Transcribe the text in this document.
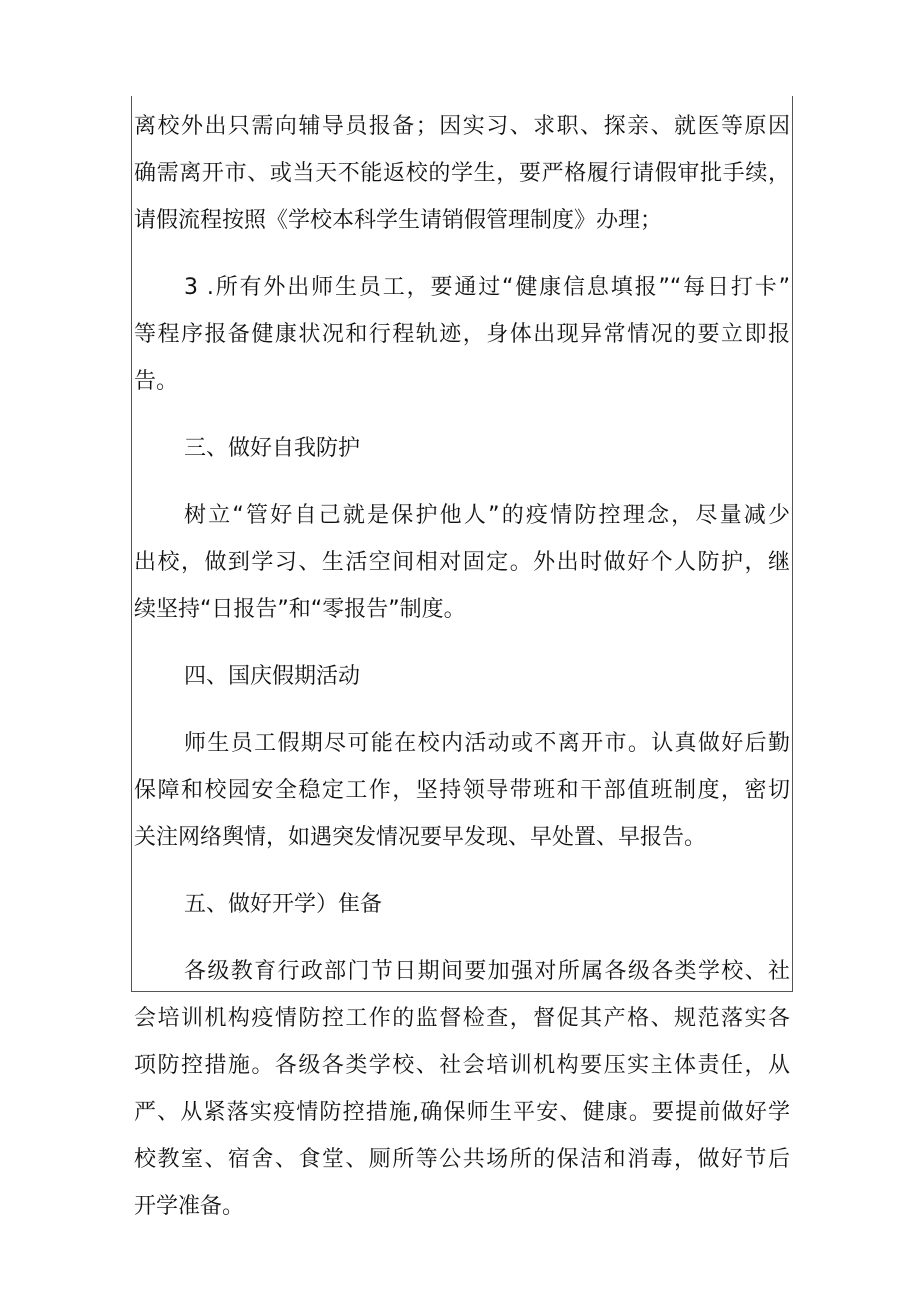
离校外出只需向辅导员报备；因实习、求职、探亲、就医等原因
确需离开市、或当天不能返校的学生，要严格履行请假审批手续，
请假流程按照《学校本科学生请销假管理制度》办理；

3 .所有外出师生员工，要通过“健康信息填报”“每日打卡”
等程序报备健康状况和行程轨迹，身体出现异常情况的要立即报
告。

三、做好自我防护

树立“管好自己就是保护他人”的疫情防控理念，尽量减少
出校，做到学习、生活空间相对固定。外出时做好个人防护，继
续坚持“日报告”和“零报告”制度。

四、国庆假期活动

师生员工假期尽可能在校内活动或不离开市。认真做好后勤
保障和校园安全稳定工作，坚持领导带班和干部值班制度，密切
关注网络舆情，如遇突发情况要早发现、早处置、早报告。

五、做好开学）隹备

各级教育行政部门节日期间要加强对所属各级各类学校、社
会培训机构疫情防控工作的监督检查，督促其产格、规范落实各
项防控措施。各级各类学校、社会培训机构要压实主体责任，从
严、从紧落实疫情防控措施,确保师生平安、健康。要提前做好学
校教室、宿舍、食堂、厕所等公共场所的保洁和消毒，做好节后
开学准备。
